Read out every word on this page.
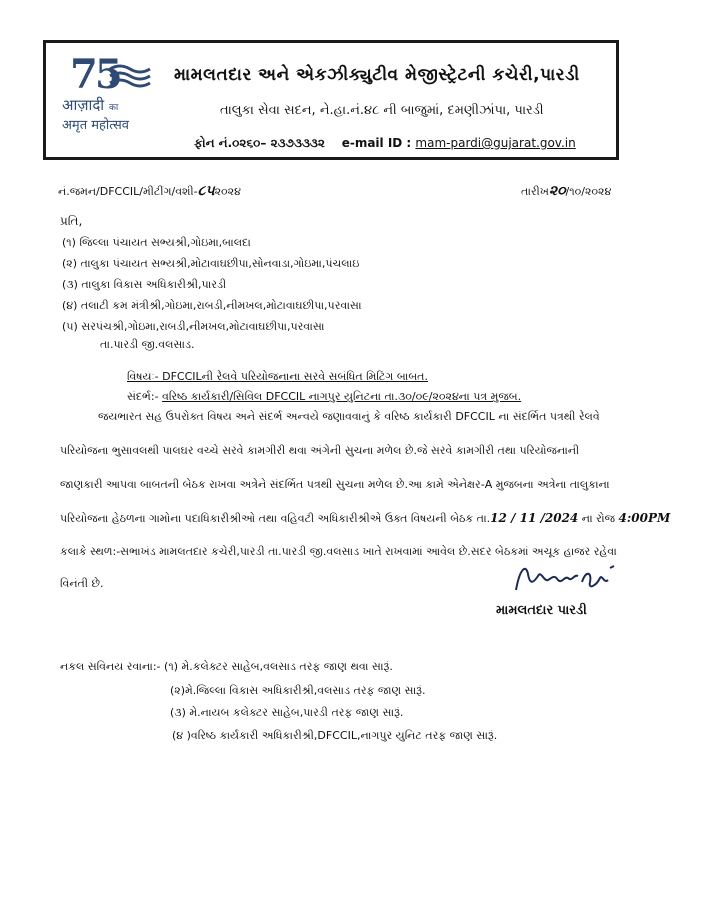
75
आज़ादी का
अमृत महोत्सव
મામલતદાર અને એકઝીક્યુટીવ મેજીસ્ટ્રેટની કચેરી,પારડી
તાલુકા સેવા સદન, ને.હા.નં.૪૮ ની બાજુમાં, દમણીઝાંપા, પારડી
ફોન નં.૦૨૬૦– ૨૩૭૩૩૩૨ e-mail ID : mam-pardi@gujarat.gov.in
નં.જમન/DFCCIL/મીટીંગ/વશી-૮૫૨૦૨૪	તારીખ૨૦/૧૦/૨૦૨૪
પ્રતિ,
(૧) જિલ્લા પંચાયત સભ્યશ્રી,ગોઇમા,બાલદા
(૨) તાલુકા પંચાયત સભ્યશ્રી,મોટાવાઘછીપા,સોનવાડા,ગોઇમા,પંચલાઇ
(૩) તાલુકા વિકાસ અધિકારીશ્રી,પારડી
(૪) તલાટી કમ મંત્રીશ્રી,ગોઇમા,રાબડી,નીમખલ,મોટાવાઘછીપા,પરવાસા
(૫) સરપંચશ્રી,ગોઇમા,રાબડી,નીમખલ,મોટાવાઘછીપા,પરવાસા
તા.પારડી જી.વલસાડ.
વિષયઃ- DFCCILની રેલવે પરિયોજનાના સરવે સબંધિત મિટિંગ બાબત.
સંદર્ભ:- વરિષ્ઠ કાર્યકારી/સિવિલ DFCCIL નાગપુર યુનિટના તા.૩૦/૦૯/૨૦૨૪ના પત્ર મુજબ.
જયભારત સહ ઉપરોક્ત વિષય અને સંદર્ભ અન્વયે જણાવવાનું કે વરિષ્ઠ કાર્યકારી DFCCIL ના સંદર્ભિત પત્રથી રેલવે
પરિયોજના ભુસાવલથી પાલઘર વચ્ચે સરવે કામગીરી થવા અંગેની સુચના મળેલ છે.જે સરવે કામગીરી તથા પરિયોજનાની
જાણકારી આપવા બાબતની બેઠક રાખવા અત્રેને સંદર્ભિત પત્રથી સુચના મળેલ છે.આ કામે એનેક્ષર-A મુજબના અત્રેના તાલુકાના
પરિયોજના હેઠળના ગામોના પદાધિકારીશ્રીઓ તથા વહિવટી અધિકારીશ્રીએ ઉક્ત વિષયની બેઠક તા.12 / 11 /2024 ના રોજ 4:00PM
કલાકે સ્થળ:-સભાખંડ મામલતદાર કચેરી,પારડી તા.પારડી જી.વલસાડ ખાતે રાખવામાં આવેલ છે.સદર બેઠકમાં અચૂક હાજર રહેવા
વિનંતી છે.
મામલતદાર પારડી
નકલ સવિનય રવાના:- (૧) મે.કલેક્ટર સાહેબ,વલસાડ તરફ જાણ થવા સારૂં.
(૨)મે.જિલ્લા વિકાસ અધિકારીશ્રી,વલસાડ તરફ જાણ સારૂં.
(૩) મે.નાયબ કલેક્ટર સાહેબ,પારડી તરફ જાણ સારૂં.
(૪ )વરિષ્ઠ કાર્યકારી અધિકારીશ્રી,DFCCIL,નાગપુર યુનિટ તરફ જાણ સારૂં.
